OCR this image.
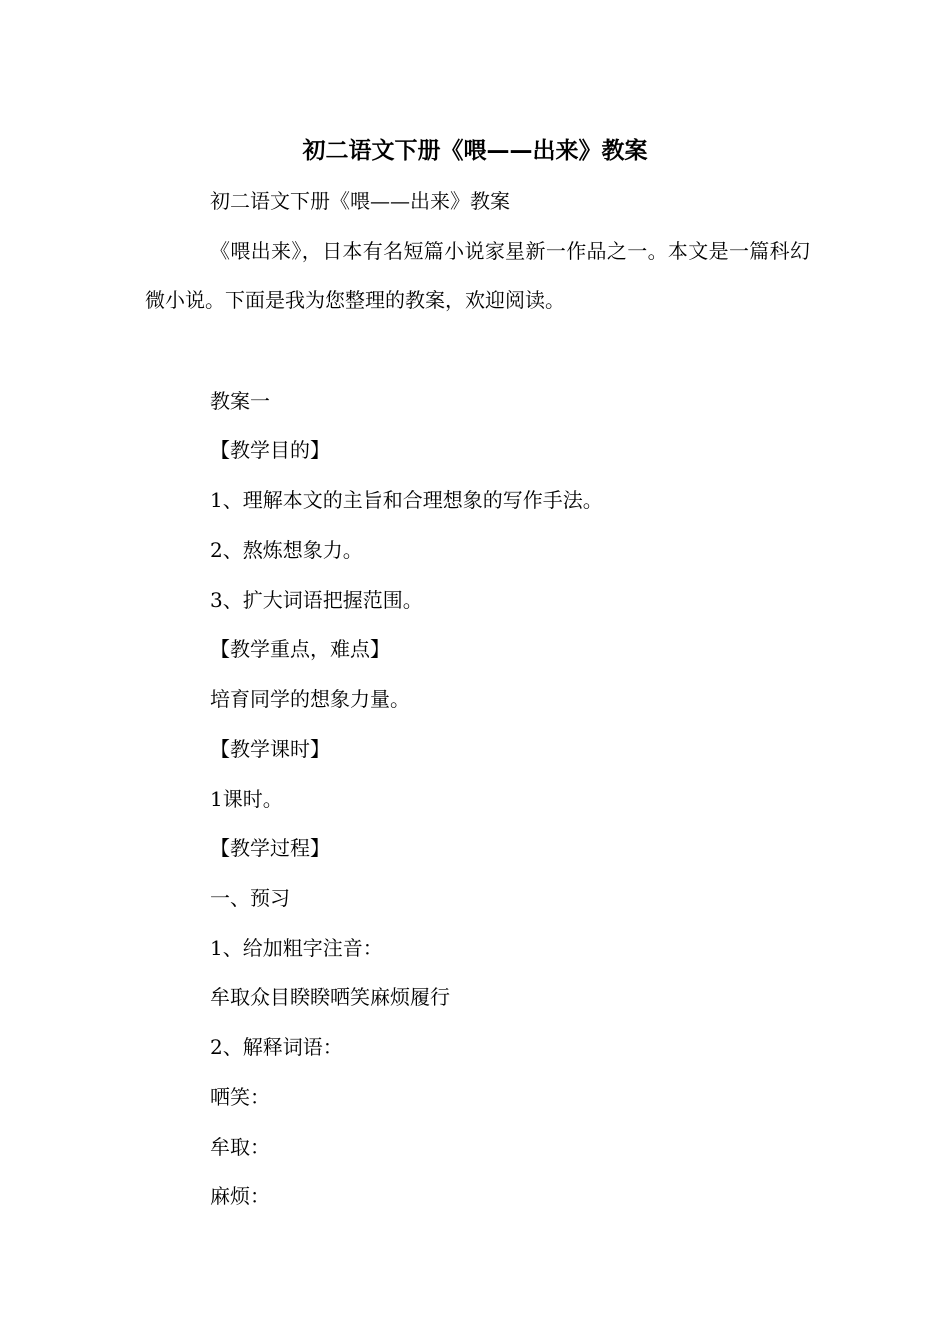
初二语文下册《喂——出来》教案
初二语文下册《喂——出来》教案
《喂出来》，日本有名短篇小说家星新一作品之一。本文是一篇科幻微小说。下面是我为您整理的教案，欢迎阅读。
教案一
【教学目的】
1、理解本文的主旨和合理想象的写作手法。
2、熬炼想象力。
3、扩大词语把握范围。
【教学重点，难点】
培育同学的想象力量。
【教学课时】
1课时。
【教学过程】
一、预习
1、给加粗字注音：
牟取众目睽睽哂笑麻烦履行
2、解释词语：
哂笑：
牟取：
麻烦：
